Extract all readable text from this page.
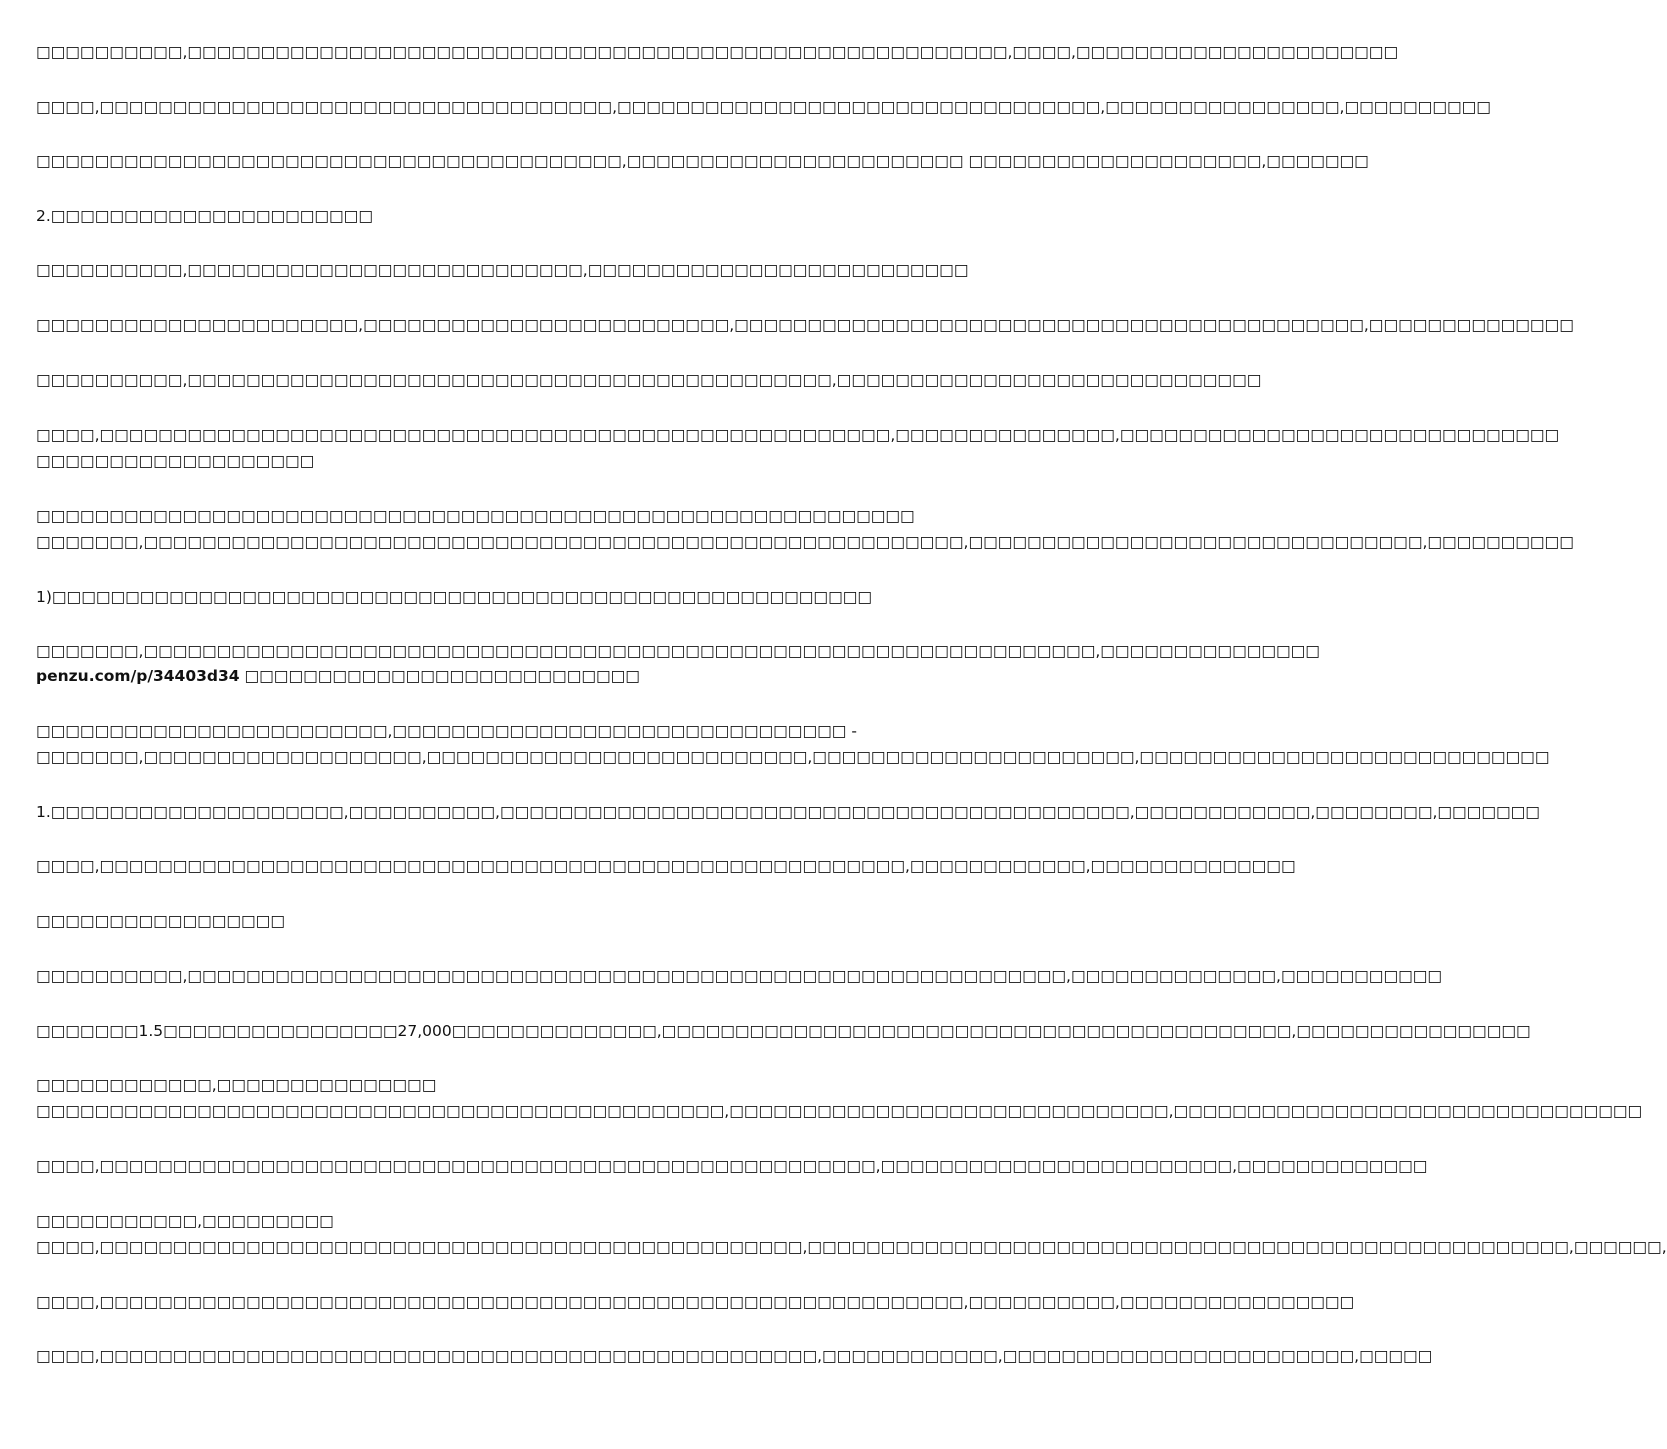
□□□□□□□□□□,□□□□□□□□□□□□□□□□□□□□□□□□□□□□□□□□□□□□□□□□□□□□□□□□□□□□□□□□,□□□□,□□□□□□□□□□□□□□□□□□□□□□
□□□□,□□□□□□□□□□□□□□□□□□□□□□□□□□□□□□□□□□□,□□□□□□□□□□□□□□□□□□□□□□□□□□□□□□□□□,□□□□□□□□□□□□□□□□,□□□□□□□□□□
□□□□□□□□□□□□□□□□□□□□□□□□□□□□□□□□□□□□□□□□,□□□□□□□□□□□□□□□□□□□□□□□ □□□□□□□□□□□□□□□□□□□□,□□□□□□□
2.□□□□□□□□□□□□□□□□□□□□□□
□□□□□□□□□□,□□□□□□□□□□□□□□□□□□□□□□□□□□□,□□□□□□□□□□□□□□□□□□□□□□□□□□
□□□□□□□□□□□□□□□□□□□□□□,□□□□□□□□□□□□□□□□□□□□□□□□□,□□□□□□□□□□□□□□□□□□□□□□□□□□□□□□□□□□□□□□□□□□□,□□□□□□□□□□□□□□
□□□□□□□□□□,□□□□□□□□□□□□□□□□□□□□□□□□□□□□□□□□□□□□□□□□□□□□,□□□□□□□□□□□□□□□□□□□□□□□□□□□□□
□□□□,□□□□□□□□□□□□□□□□□□□□□□□□□□□□□□□□□□□□□□□□□□□□□□□□□□□□□□,□□□□□□□□□□□□□□□,□□□□□□□□□□□□□□□□□□□□□□□□□□□□□□
□□□□□□□□□□□□□□□□□□□
□□□□□□□□□□□□□□□□□□□□□□□□□□□□□□□□□□□□□□□□□□□□□□□□□□□□□□□□□□□□
□□□□□□□,□□□□□□□□□□□□□□□□□□□□□□□□□□□□□□□□□□□□□□□□□□□□□□□□□□□□□□□□,□□□□□□□□□□□□□□□□□□□□□□□□□□□□□□□,□□□□□□□□□□
1)□□□□□□□□□□□□□□□□□□□□□□□□□□□□□□□□□□□□□□□□□□□□□□□□□□□□□□□□
□□□□□□□,□□□□□□□□□□□□□□□□□□□□□□□□□□□□□□□□□□□□□□□□□□□□□□□□□□□□□□□□□□□□□□□□□,□□□□□□□□□□□□□□□
penzu.com/p/34403d34 □□□□□□□□□□□□□□□□□□□□□□□□□□□
□□□□□□□□□□□□□□□□□□□□□□□□,□□□□□□□□□□□□□□□□□□□□□□□□□□□□□□□ -
□□□□□□□,□□□□□□□□□□□□□□□□□□□,□□□□□□□□□□□□□□□□□□□□□□□□□□,□□□□□□□□□□□□□□□□□□□□□□,□□□□□□□□□□□□□□□□□□□□□□□□□□□□
1.□□□□□□□□□□□□□□□□□□□□,□□□□□□□□□□,□□□□□□□□□□□□□□□□□□□□□□□□□□□□□□□□□□□□□□□□□□□,□□□□□□□□□□□□,□□□□□□□□,□□□□□□□
□□□□,□□□□□□□□□□□□□□□□□□□□□□□□□□□□□□□□□□□□□□□□□□□□□□□□□□□□□□□,□□□□□□□□□□□□,□□□□□□□□□□□□□□
□□□□□□□□□□□□□□□□□
□□□□□□□□□□,□□□□□□□□□□□□□□□□□□□□□□□□□□□□□□□□□□□□□□□□□□□□□□□□□□□□□□□□□□□□,□□□□□□□□□□□□□□,□□□□□□□□□□□
□□□□□□□1.5□□□□□□□□□□□□□□□□27,000□□□□□□□□□□□□□□,□□□□□□□□□□□□□□□□□□□□□□□□□□□□□□□□□□□□□□□□□□□,□□□□□□□□□□□□□□□□
□□□□□□□□□□□□,□□□□□□□□□□□□□□□
□□□□□□□□□□□□□□□□□□□□□□□□□□□□□□□□□□□□□□□□□□□□□□□,□□□□□□□□□□□□□□□□□□□□□□□□□□□□□□,□□□□□□□□□□□□□□□□□□□□□□□□□□□□□□□□
□□□□,□□□□□□□□□□□□□□□□□□□□□□□□□□□□□□□□□□□□□□□□□□□□□□□□□□□□□,□□□□□□□□□□□□□□□□□□□□□□□□,□□□□□□□□□□□□□
□□□□□□□□□□□,□□□□□□□□□
□□□□,□□□□□□□□□□□□□□□□□□□□□□□□□□□□□□□□□□□□□□□□□□□□□□□□,□□□□□□□□□□□□□□□□□□□□□□□□□□□□□□□□□□□□□□□□□□□□□□□□□□□□,□□□□□□,
□□□□,□□□□□□□□□□□□□□□□□□□□□□□□□□□□□□□□□□□□□□□□□□□□□□□□□□□□□□□□□□□,□□□□□□□□□□,□□□□□□□□□□□□□□□□
□□□□,□□□□□□□□□□□□□□□□□□□□□□□□□□□□□□□□□□□□□□□□□□□□□□□□□,□□□□□□□□□□□□,□□□□□□□□□□□□□□□□□□□□□□□□,□□□□□
